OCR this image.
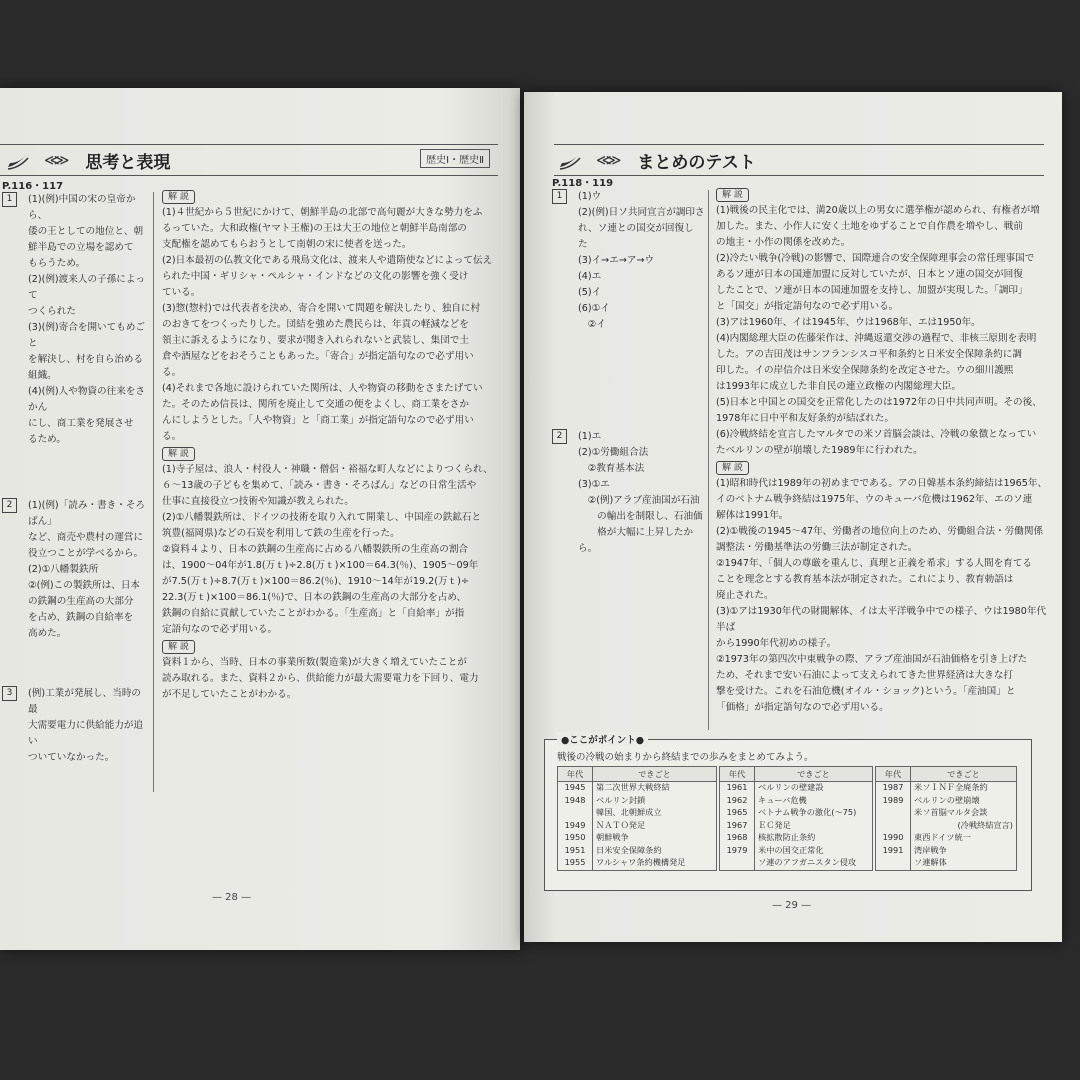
≪≫ 思考と表現	歴史Ⅰ・歴史Ⅱ
P.116・117
1	(1)(例)中国の宋の皇帝から、
倭の王としての地位と、朝
鮮半島での立場を認めて
もらうため。
(2)(例)渡来人の子孫によって
つくられた
(3)(例)寄合を開いてもめごと
を解決し、村を自ら治める
組織。
(4)(例)人や物資の往来をさかん
にし、商工業を発展させ
るため。
2	(1)(例)「読み・書き・そろばん」
など、商売や農村の運営に
役立つことが学べるから。
(2)①八幡製鉄所
②(例)この製鉄所は、日本
の鉄鋼の生産高の大部分
を占め、鉄鋼の自給率を
高めた。
3	(例)工業が発展し、当時の最
大需要電力に供給能力が追い
ついていなかった。
解 説
(1)４世紀から５世紀にかけて、朝鮮半島の北部で高句麗が大きな勢力をふ
るっていた。大和政権(ヤマト王権)の王は大王の地位と朝鮮半島南部の
支配権を認めてもらおうとして南朝の宋に使者を送った。
(2)日本最初の仏教文化である飛鳥文化は、渡来人や遣隋使などによって伝え
られた中国・ギリシャ・ペルシャ・インドなどの文化の影響を強く受け
ている。
(3)惣(惣村)では代表者を決め、寄合を開いて問題を解決したり、独自に村
のおきてをつくったりした。団結を強めた農民らは、年貢の軽減などを
領主に訴えるようになり、要求が聞き入れられないと武装し、集団で土
倉や酒屋などをおそうこともあった。「寄合」が指定語句なので必ず用い
る。
(4)それまで各地に設けられていた関所は、人や物資の移動をさまたげてい
た。そのため信長は、関所を廃止して交通の便をよくし、商工業をさか
んにしようとした。「人や物資」と「商工業」が指定語句なので必ず用い
る。
解 説
(1)寺子屋は、浪人・村役人・神職・僧侶・裕福な町人などによりつくられ、
６～13歳の子どもを集めて、「読み・書き・そろばん」などの日常生活や
仕事に直接役立つ技術や知識が教えられた。
(2)①八幡製鉄所は、ドイツの技術を取り入れて開業し、中国産の鉄鉱石と
筑豊(福岡県)などの石炭を利用して鉄の生産を行った。
②資料４より、日本の鉄鋼の生産高に占める八幡製鉄所の生産高の割合
は、1900～04年が1.8(万ｔ)÷2.8(万ｔ)×100＝64.3(％)、1905～09年
が7.5(万ｔ)÷8.7(万ｔ)×100＝86.2(％)、1910～14年が19.2(万ｔ)÷
22.3(万ｔ)×100＝86.1(％)で、日本の鉄鋼の生産高の大部分を占め、
鉄鋼の自給に貢献していたことがわかる。「生産高」と「自給率」が指
定語句なので必ず用いる。
解 説
資料１から、当時、日本の事業所数(製造業)が大きく増えていたことが
読み取れる。また、資料２から、供給能力が最大需要電力を下回り、電力
が不足していたことがわかる。
— 28 —
≪≫ まとめのテスト
P.118・119
1	(1)ウ
(2)(例)日ソ共同宣言が調印さ
れ、ソ連との国交が回復し
た
(3)イ→エ→ア→ウ
(4)エ
(5)イ
(6)①イ
　②イ
2	(1)エ
(2)①労働組合法
　②教育基本法
(3)①エ
　②(例)アラブ産油国が石油
　　の輸出を制限し、石油価
　　格が大幅に上昇したから。
解 説
(1)戦後の民主化では、満20歳以上の男女に選挙権が認められ、有権者が増
加した。また、小作人に安く土地をゆずることで自作農を増やし、戦前
の地主・小作の関係を改めた。
(2)冷たい戦争(冷戦)の影響で、国際連合の安全保障理事会の常任理事国で
あるソ連が日本の国連加盟に反対していたが、日本とソ連の国交が回復
したことで、ソ連が日本の国連加盟を支持し、加盟が実現した。「調印」
と「国交」が指定語句なので必ず用いる。
(3)アは1960年、イは1945年、ウは1968年、エは1950年。
(4)内閣総理大臣の佐藤栄作は、沖縄返還交渉の過程で、非核三原則を表明
した。アの吉田茂はサンフランシスコ平和条約と日米安全保障条約に調
印した。イの岸信介は日米安全保障条約を改定させた。ウの細川護熙
は1993年に成立した非自民の連立政権の内閣総理大臣。
(5)日本と中国との国交を正常化したのは1972年の日中共同声明。その後、
1978年に日中平和友好条約が結ばれた。
(6)冷戦終結を宣言したマルタでの米ソ首脳会談は、冷戦の象徴となってい
たベルリンの壁が崩壊した1989年に行われた。
解 説
(1)昭和時代は1989年の初めまでである。アの日韓基本条約締結は1965年、
イのベトナム戦争終結は1975年、ウのキューバ危機は1962年、エのソ連
解体は1991年。
(2)①戦後の1945～47年、労働者の地位向上のため、労働組合法・労働関係
調整法・労働基準法の労働三法が制定された。
②1947年、「個人の尊厳を重んじ、真理と正義を希求」する人間を育てる
ことを理念とする教育基本法が制定された。これにより、教育勅語は
廃止された。
(3)①アは1930年代の財閥解体、イは太平洋戦争中での様子、ウは1980年代半ば
から1990年代初めの様子。
②1973年の第四次中東戦争の際、アラブ産油国が石油価格を引き上げた
ため、それまで安い石油によって支えられてきた世界経済は大きな打
撃を受けた。これを石油危機(オイル・ショック)という。「産油国」と
「価格」が指定語句なので必ず用いる。
●ここがポイント●
戦後の冷戦の始まりから終結までの歩みをまとめてみよう。
年代	できごと
1945	第二次世界大戦終結
1948	ベルリン封鎖
	韓国、北朝鮮成立
1949	ＮＡＴＯ発足
1950	朝鮮戦争
1951	日米安全保障条約
1955	ワルシャワ条約機構発足
年代	できごと
1961	ベルリンの壁建設
1962	キューバ危機
1965	ベトナム戦争の激化(～75)
1967	ＥＣ発足
1968	核拡散防止条約
1979	米中の国交正常化
	ソ連のアフガニスタン侵攻
年代	できごと
1987	米ソＩＮＦ全廃条約
1989	ベルリンの壁崩壊
	米ソ首脳マルタ会談
	(冷戦終結宣言)
1990	東西ドイツ統一
1991	湾岸戦争
	ソ連解体
— 29 —
